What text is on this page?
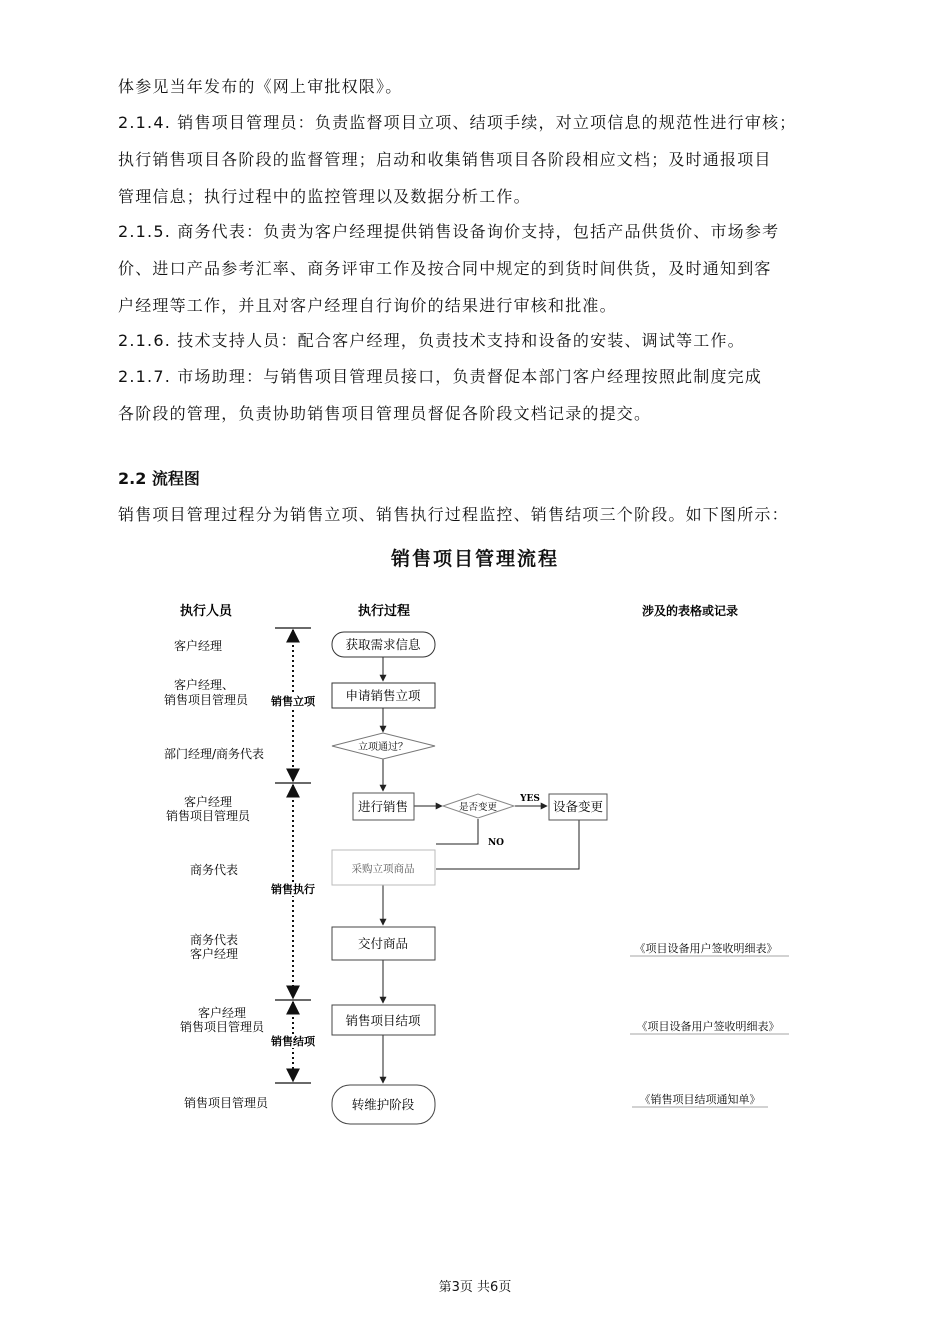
体参见当年发布的《网上审批权限》。
2.1.4. 销售项目管理员：负责监督项目立项、结项手续，对立项信息的规范性进行审核；
执行销售项目各阶段的监督管理；启动和收集销售项目各阶段相应文档；及时通报项目
管理信息；执行过程中的监控管理以及数据分析工作。
2.1.5. 商务代表：负责为客户经理提供销售设备询价支持，包括产品供货价、市场参考
价、进口产品参考汇率、商务评审工作及按合同中规定的到货时间供货，及时通知到客
户经理等工作，并且对客户经理自行询价的结果进行审核和批准。
2.1.6. 技术支持人员：配合客户经理，负责技术支持和设备的安装、调试等工作。
2.1.7. 市场助理：与销售项目管理员接口，负责督促本部门客户经理按照此制度完成
各阶段的管理，负责协助销售项目管理员督促各阶段文档记录的提交。
2.2 流程图
销售项目管理过程分为销售立项、销售执行过程监控、销售结项三个阶段。如下图所示：
销售项目管理流程
执行人员	执行过程	涉及的表格或记录
客户经理
客户经理、
销售项目管理员
部门经理/商务代表
客户经理
销售项目管理员
商务代表
商务代表
客户经理
客户经理
销售项目管理员
销售项目管理员
销售立项
销售执行
销售结项
获取需求信息
申请销售立项
立项通过？
进行销售	是否变更
YES
NO
设备变更
采购立项商品
交付商品
销售项目结项
转维护阶段
《项目设备用户签收明细表》
《项目设备用户签收明细表》
《销售项目结项通知单》
第3页 共6页
